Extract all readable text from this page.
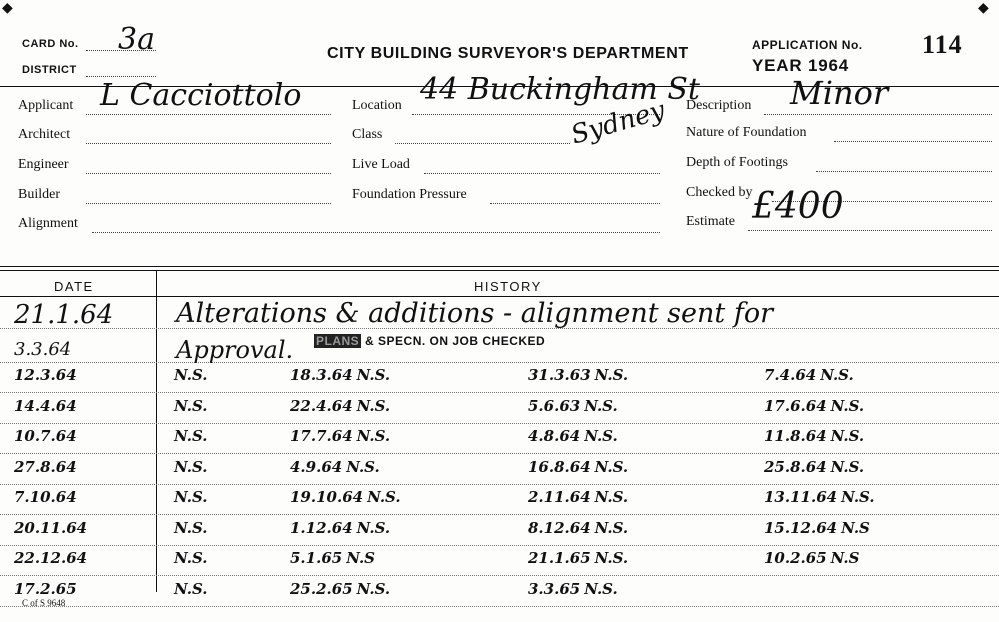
◆	◆
CARD No. 3a
DISTRICT
CITY BUILDING SURVEYOR'S DEPARTMENT	APPLICATION No. 114
YEAR 1964
Applicant L Cacciottolo
Architect
Engineer
Builder
Alignment
Location 44 Buckingham St
Sydney
Class
Live Load
Foundation Pressure
Description Minor
Nature of Foundation
Depth of Footings
Checked by
Estimate £400
DATE	HISTORY
21.1.64	Alterations & additions - alignment sent for
3.3.64	Approval. PLANS & SPECN. ON JOB CHECKED
12.3.64	N.S.	18.3.64 N.S.	31.3.63 N.S.	7.4.64 N.S.
14.4.64	N.S.	22.4.64 N.S.	5.6.63 N.S.	17.6.64 N.S.
10.7.64	N.S.	17.7.64 N.S.	4.8.64 N.S.	11.8.64 N.S.
27.8.64	N.S.	4.9.64 N.S.	16.8.64 N.S.	25.8.64 N.S.
7.10.64	N.S.	19.10.64 N.S.	2.11.64 N.S.	13.11.64 N.S.
20.11.64	N.S.	1.12.64 N.S.	8.12.64 N.S.	15.12.64 N.S
22.12.64	N.S.	5.1.65 N.S	21.1.65 N.S.	10.2.65 N.S
17.2.65	N.S.	25.2.65 N.S.	3.3.65 N.S.
C of S 9648
